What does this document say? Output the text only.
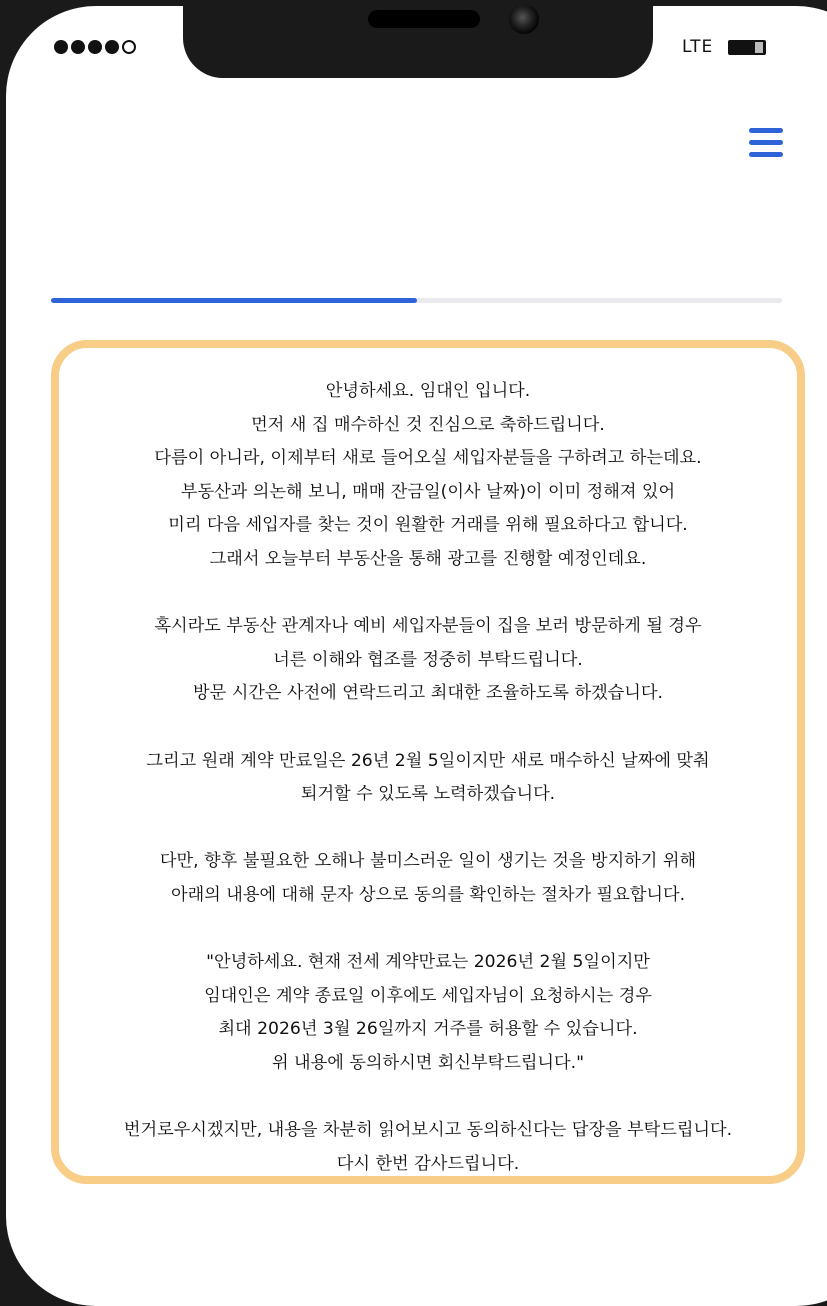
LTE

안녕하세요. 임대인 입니다.
먼저 새 집 매수하신 것 진심으로 축하드립니다.
다름이 아니라, 이제부터 새로 들어오실 세입자분들을 구하려고 하는데요.
부동산과 의논해 보니, 매매 잔금일(이사 날짜)이 이미 정해져 있어
미리 다음 세입자를 찾는 것이 원활한 거래를 위해 필요하다고 합니다.
그래서 오늘부터 부동산을 통해 광고를 진행할 예정인데요.

혹시라도 부동산 관계자나 예비 세입자분들이 집을 보러 방문하게 될 경우
너른 이해와 협조를 정중히 부탁드립니다.
방문 시간은 사전에 연락드리고 최대한 조율하도록 하겠습니다.

그리고 원래 계약 만료일은 26년 2월 5일이지만 새로 매수하신 날짜에 맞춰
퇴거할 수 있도록 노력하겠습니다.

다만, 향후 불필요한 오해나 불미스러운 일이 생기는 것을 방지하기 위해
아래의 내용에 대해 문자 상으로 동의를 확인하는 절차가 필요합니다.

"안녕하세요. 현재 전세 계약만료는 2026년 2월 5일이지만
임대인은 계약 종료일 이후에도 세입자님이 요청하시는 경우
최대 2026년 3월 26일까지 거주를 허용할 수 있습니다.
위 내용에 동의하시면 회신부탁드립니다."

번거로우시겠지만, 내용을 차분히 읽어보시고 동의하신다는 답장을 부탁드립니다.
다시 한번 감사드립니다.
